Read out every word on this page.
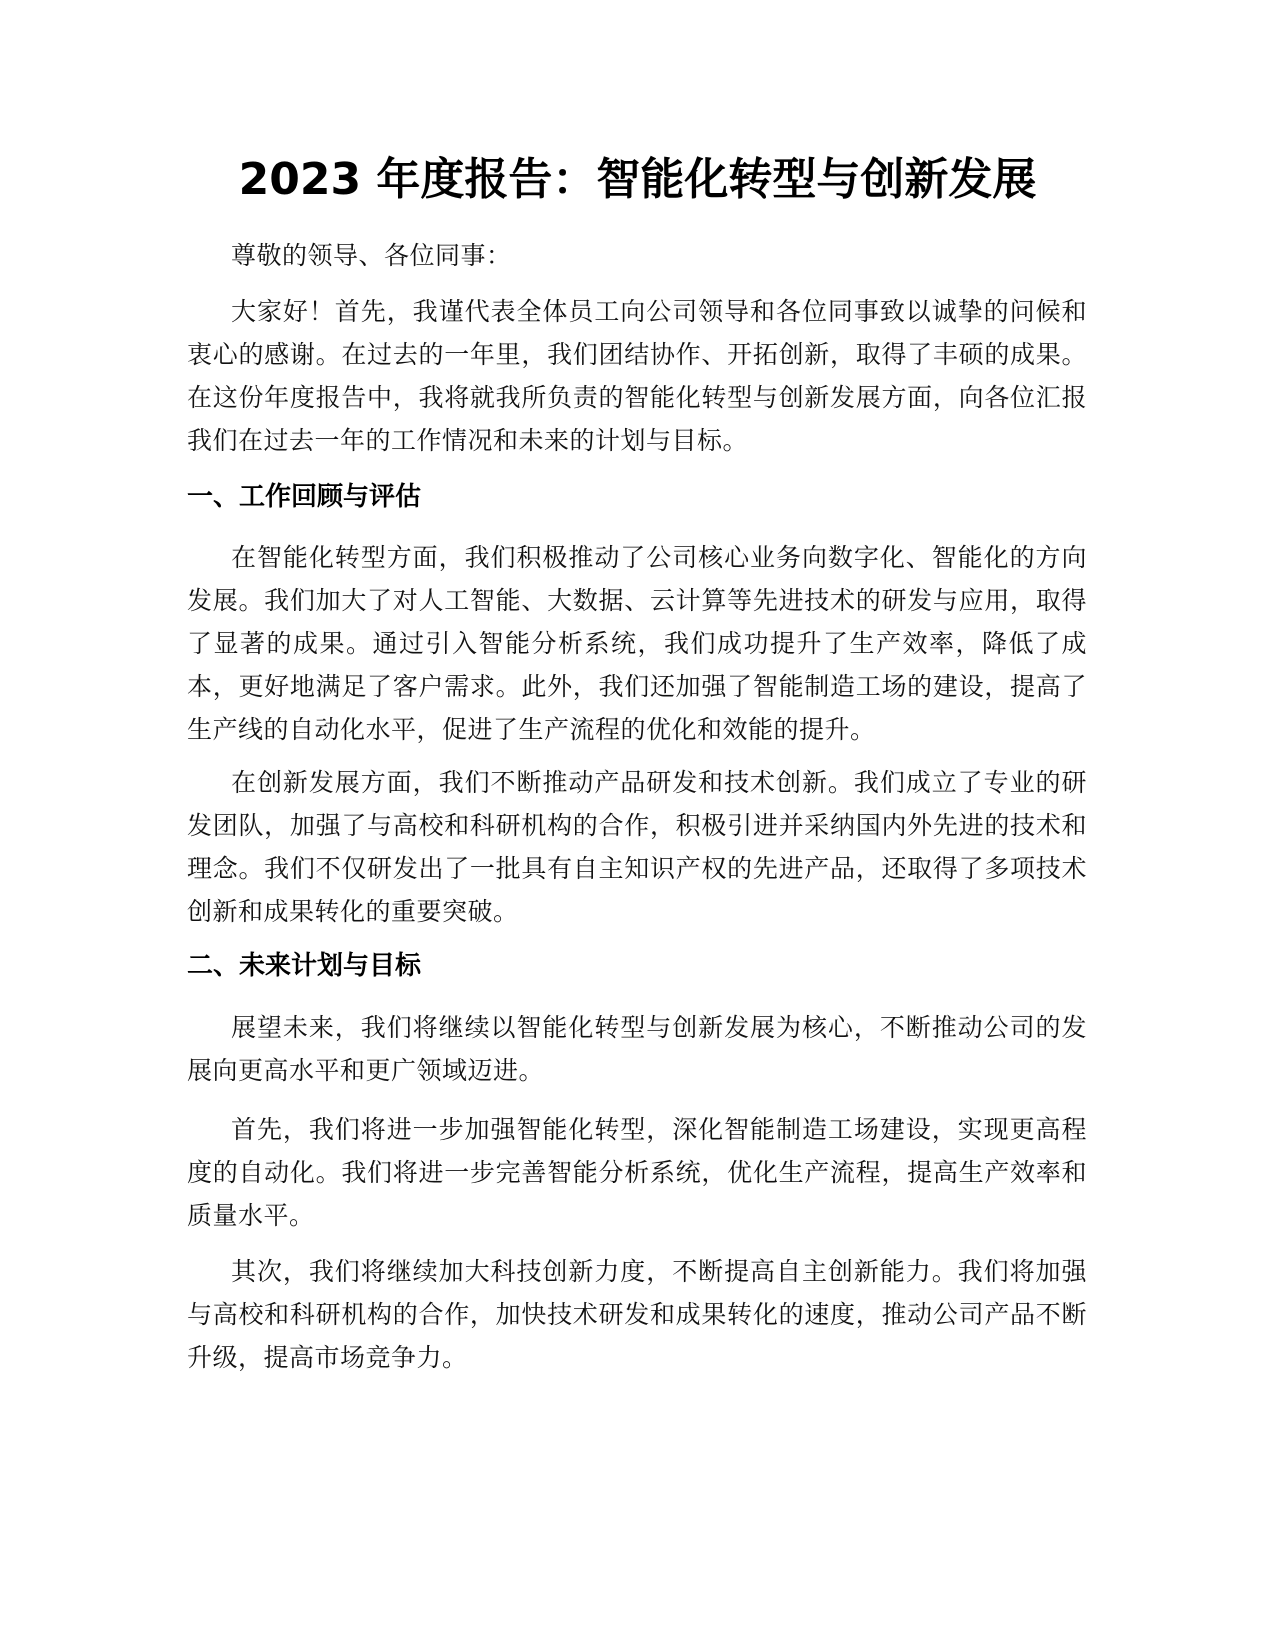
2023 年度报告：智能化转型与创新发展

尊敬的领导、各位同事：

大家好！首先，我谨代表全体员工向公司领导和各位同事致以诚挚的问候和衷心的感谢。在过去的一年里，我们团结协作、开拓创新，取得了丰硕的成果。在这份年度报告中，我将就我所负责的智能化转型与创新发展方面，向各位汇报我们在过去一年的工作情况和未来的计划与目标。

一、工作回顾与评估

在智能化转型方面，我们积极推动了公司核心业务向数字化、智能化的方向发展。我们加大了对人工智能、大数据、云计算等先进技术的研发与应用，取得了显著的成果。通过引入智能分析系统，我们成功提升了生产效率，降低了成本，更好地满足了客户需求。此外，我们还加强了智能制造工场的建设，提高了生产线的自动化水平，促进了生产流程的优化和效能的提升。

在创新发展方面，我们不断推动产品研发和技术创新。我们成立了专业的研发团队，加强了与高校和科研机构的合作，积极引进并采纳国内外先进的技术和理念。我们不仅研发出了一批具有自主知识产权的先进产品，还取得了多项技术创新和成果转化的重要突破。

二、未来计划与目标

展望未来，我们将继续以智能化转型与创新发展为核心，不断推动公司的发展向更高水平和更广领域迈进。

首先，我们将进一步加强智能化转型，深化智能制造工场建设，实现更高程度的自动化。我们将进一步完善智能分析系统，优化生产流程，提高生产效率和质量水平。

其次，我们将继续加大科技创新力度，不断提高自主创新能力。我们将加强与高校和科研机构的合作，加快技术研发和成果转化的速度，推动公司产品不断升级，提高市场竞争力。
